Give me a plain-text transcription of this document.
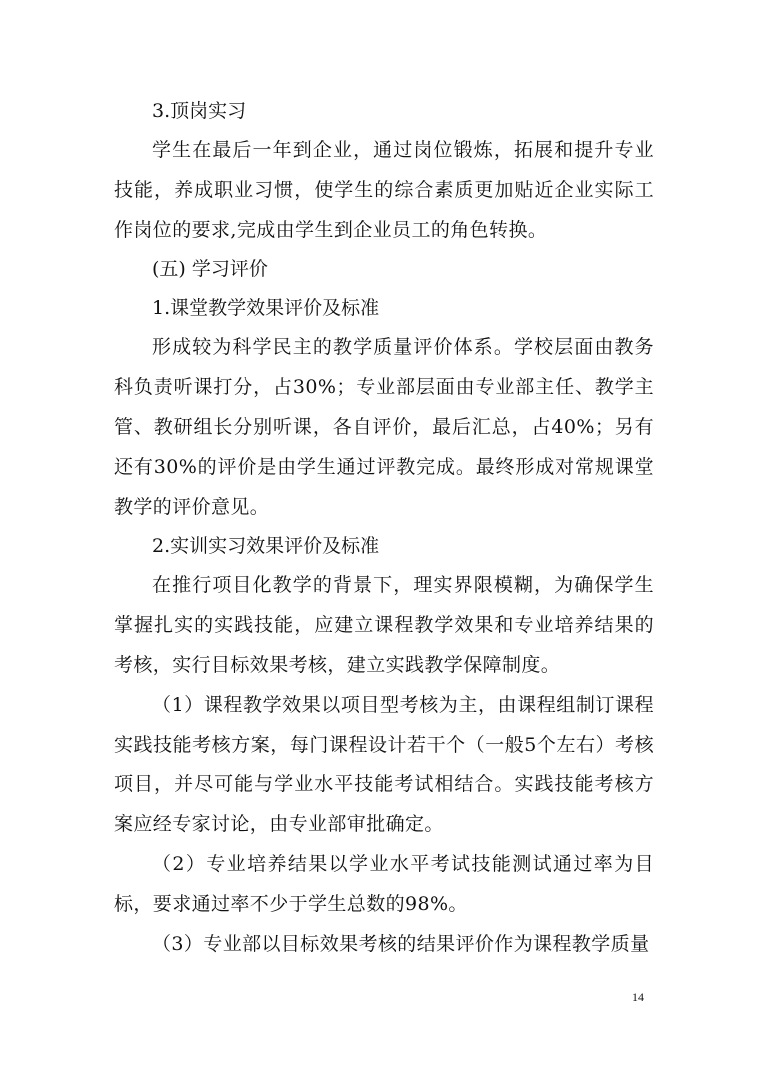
3.顶岗实习

学生在最后一年到企业，通过岗位锻炼，拓展和提升专业技能，养成职业习惯，使学生的综合素质更加贴近企业实际工作岗位的要求,完成由学生到企业员工的角色转换。

(五) 学习评价
1.课堂教学效果评价及标准

形成较为科学民主的教学质量评价体系。学校层面由教务科负责听课打分，占30%；专业部层面由专业部主任、教学主管、教研组长分别听课，各自评价，最后汇总，占40%；另有还有30%的评价是由学生通过评教完成。最终形成对常规课堂教学的评价意见。

2.实训实习效果评价及标准

在推行项目化教学的背景下，理实界限模糊，为确保学生掌握扎实的实践技能，应建立课程教学效果和专业培养结果的考核，实行目标效果考核，建立实践教学保障制度。

（1）课程教学效果以项目型考核为主，由课程组制订课程实践技能考核方案，每门课程设计若干个（一般5个左右）考核项目，并尽可能与学业水平技能考试相结合。实践技能考核方案应经专家讨论，由专业部审批确定。

（2）专业培养结果以学业水平考试技能测试通过率为目标，要求通过率不少于学生总数的98%。

（3）专业部以目标效果考核的结果评价作为课程教学质量

14
